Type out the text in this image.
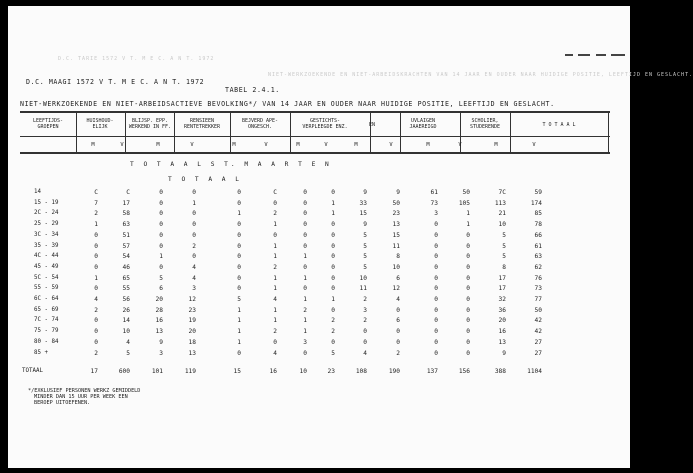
D.C. TARIE 1572 V T. M E C. A N T. 1972
NIET-WERKZOEKENDE EN NIET-ARBEIDSKRACHTEN VAN 14 JAAR EN OUDER NAAR HUIDIGE POSITIE, LEEFTIJD EN GESLACHT.
D.C. MAAGI 1572 V T. M E C. A N T. 1972
TABEL 2.4.1.
NIET-WERKZOEKENDE EN NIET-ARBEIDSACTIEVE BEVOLKING*/ VAN 14 JAAR EN OUDER NAAR HUIDIGE POSITIE, LEEFTIJD EN GESLACHT.
LEEFTIJDS-
GROEPEN
HUISHOUD-
ELIJK
BLIJSP. EPP.
WERKEND IN FF.
RENSIEEN
RENTETREKKER
BEJVERD APE-
ONGESCH.
GESTICHTS-
VERPLEEGDE ENZ.	EN
UVLAIGEN
JAAEREIGD
SCHOLIER,
STUDERENDE	T O T A A L
M	V	M	V	M	V	M	V	M	V	M	V	M	V
T O T A A L S T. M A A R T E N
T O T A A L
14	C	C	0	0	0	C	0	0	9	9	61	50	7C	59
15 - 19	7	17	0	1	0	0	0	1	33	50	73	105	113	174
2C - 24	2	58	0	0	1	2	0	1	15	23	3	1	21	85
25 - 29	1	63	0	0	0	1	0	0	9	13	0	1	10	78
3C - 34	0	51	0	0	0	0	0	0	5	15	0	0	5	66
35 - 39	0	57	0	2	0	1	0	0	5	11	0	0	5	61
4C - 44	0	54	1	0	0	1	1	0	5	8	0	0	5	63
45 - 49	0	46	0	4	0	2	0	0	5	10	0	0	8	62
5C - 54	1	65	5	4	0	1	1	0	10	6	0	0	17	76
55 - 59	0	55	6	3	0	1	0	0	11	12	0	0	17	73
6C - 64	4	56	20	12	5	4	1	1	2	4	0	0	32	77
65 - 69	2	26	28	23	1	1	2	0	3	0	0	0	36	50
7C - 74	0	14	16	19	1	1	1	2	2	6	0	0	20	42
75 - 79	0	10	13	20	1	2	1	2	0	0	0	0	16	42
80 - 84	0	4	9	18	1	0	3	0	0	0	0	0	13	27
85 +	2	5	3	13	0	4	0	5	4	2	0	0	9	27
TOTAAL	17	600	101	119	15	16	10	23	108	190	137	156	388	1104
*/EXKLUSIEF PERSONEN WERKZ GEMIDDELD
MINDER DAN 15 UUR PER WEEK EEN
BEROEP UITOEFENEN.
